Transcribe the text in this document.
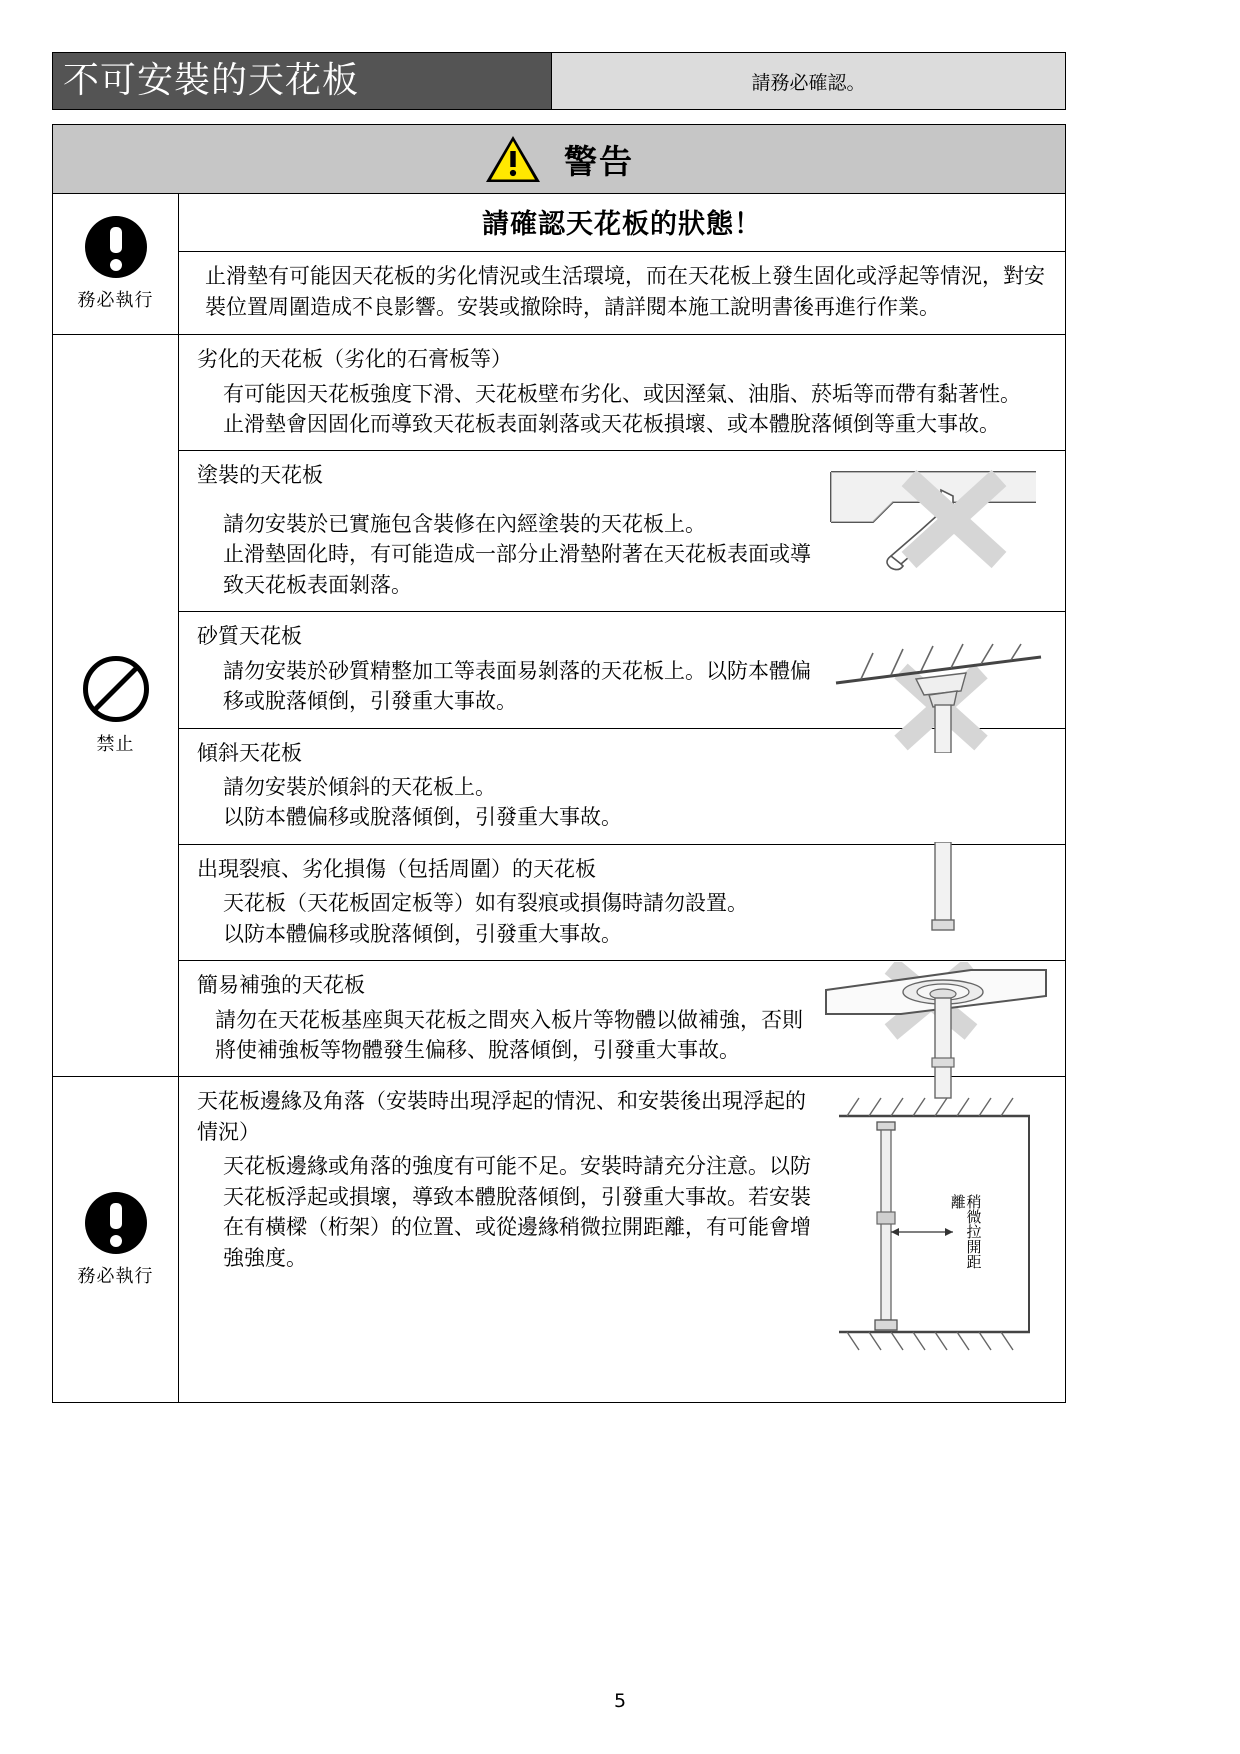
不可安裝的天花板	請務必確認。
警告
務必執行
請確認天花板的狀態！
止滑墊有可能因天花板的劣化情況或生活環境，而在天花板上發生固化或浮起等情況，對安裝位置周圍造成不良影響。安裝或撤除時，請詳閱本施工說明書後再進行作業。
禁止
劣化的天花板（劣化的石膏板等）

有可能因天花板強度下滑、天花板壁布劣化、或因溼氣、油脂、菸垢等而帶有黏著性。

止滑墊會因固化而導致天花板表面剝落或天花板損壞、或本體脫落傾倒等重大事故。

塗裝的天花板

請勿安裝於已實施包含裝修在內經塗裝的天花板上。

止滑墊固化時，有可能造成一部分止滑墊附著在天花板表面或導致天花板表面剝落。

砂質天花板

請勿安裝於砂質精整加工等表面易剝落的天花板上。以防本體偏移或脫落傾倒，引發重大事故。

傾斜天花板

請勿安裝於傾斜的天花板上。

以防本體偏移或脫落傾倒，引發重大事故。

出現裂痕、劣化損傷（包括周圍）的天花板

天花板（天花板固定板等）如有裂痕或損傷時請勿設置。

以防本體偏移或脫落傾倒，引發重大事故。

簡易補強的天花板

請勿在天花板基座與天花板之間夾入板片等物體以做補強，否則將使補強板等物體發生偏移、脫落傾倒，引發重大事故。

務必執行
天花板邊緣及角落（安裝時出現浮起的情況、和安裝後出現浮起的情況）

天花板邊緣或角落的強度有可能不足。安裝時請充分注意。以防天花板浮起或損壞，導致本體脫落傾倒，引發重大事故。若安裝在有橫樑（桁架）的位置、或從邊緣稍微拉開距離，有可能會增強強度。	稍微拉開距離
5
